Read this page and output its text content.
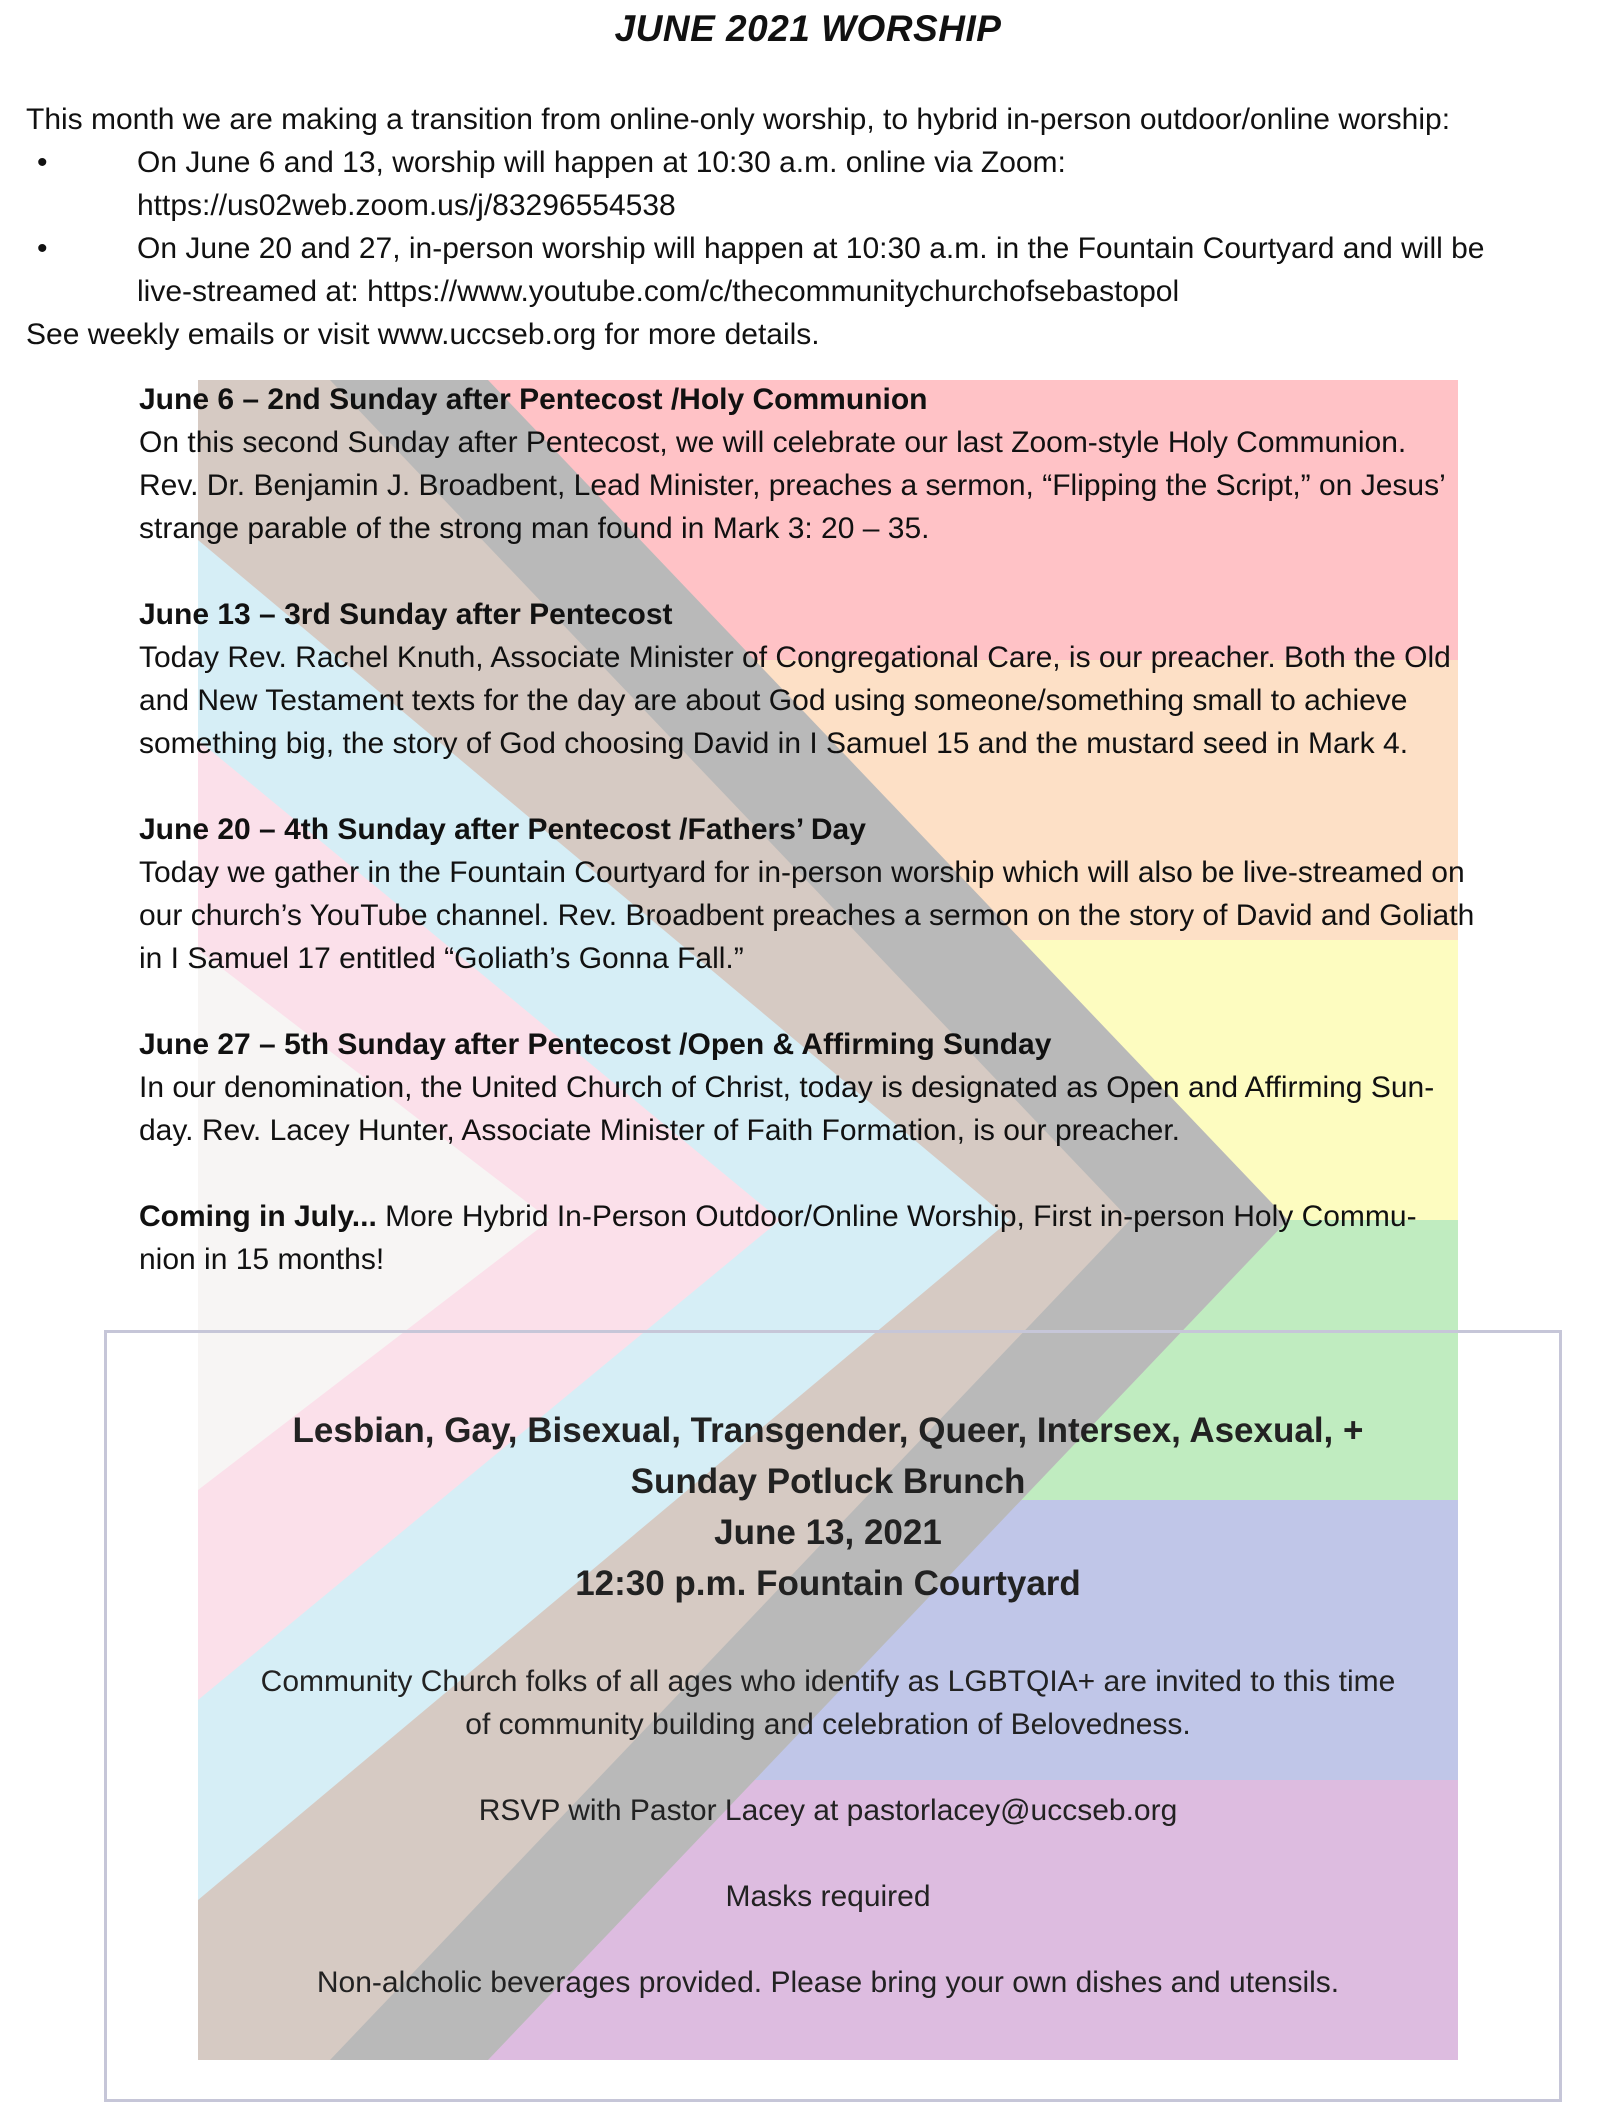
JUNE 2021 WORSHIP

This month we are making a transition from online-only worship, to hybrid in-person outdoor/online worship:

•	On June 6 and 13, worship will happen at 10:30 a.m. online via Zoom:
https://us02web.zoom.us/j/83296554538
•	On June 20 and 27, in-person worship will happen at 10:30 a.m. in the Fountain Courtyard and will be
live-streamed at: https://www.youtube.com/c/thecommunitychurchofsebastopol

See weekly emails or visit www.uccseb.org for more details.

June 6 – 2nd Sunday after Pentecost /Holy Communion
On this second Sunday after Pentecost, we will celebrate our last Zoom-style Holy Communion.
Rev. Dr. Benjamin J. Broadbent, Lead Minister, preaches a sermon, “Flipping the Script,” on Jesus’
strange parable of the strong man found in Mark 3: 20 – 35.
June 13 – 3rd Sunday after Pentecost
Today Rev. Rachel Knuth, Associate Minister of Congregational Care, is our preacher. Both the Old
and New Testament texts for the day are about God using someone/something small to achieve
something big, the story of God choosing David in I Samuel 15 and the mustard seed in Mark 4.
June 20 – 4th Sunday after Pentecost /Fathers’ Day
Today we gather in the Fountain Courtyard for in-person worship which will also be live-streamed on
our church’s YouTube channel. Rev. Broadbent preaches a sermon on the story of David and Goliath
in I Samuel 17 entitled “Goliath’s Gonna Fall.”
June 27 – 5th Sunday after Pentecost /Open & Affirming Sunday
In our denomination, the United Church of Christ, today is designated as Open and Affirming Sun-
day. Rev. Lacey Hunter, Associate Minister of Faith Formation, is our preacher.
Coming in July... More Hybrid In-Person Outdoor/Online Worship, First in-person Holy Commu-
nion in 15 months!
Lesbian, Gay, Bisexual, Transgender, Queer, Intersex, Asexual, +
Sunday Potluck Brunch
June 13, 2021
12:30 p.m. Fountain Courtyard
Community Church folks of all ages who identify as LGBTQIA+ are invited to this time
of community building and celebration of Belovedness.
RSVP with Pastor Lacey at pastorlacey@uccseb.org
Masks required
Non-alcholic beverages provided. Please bring your own dishes and utensils.
